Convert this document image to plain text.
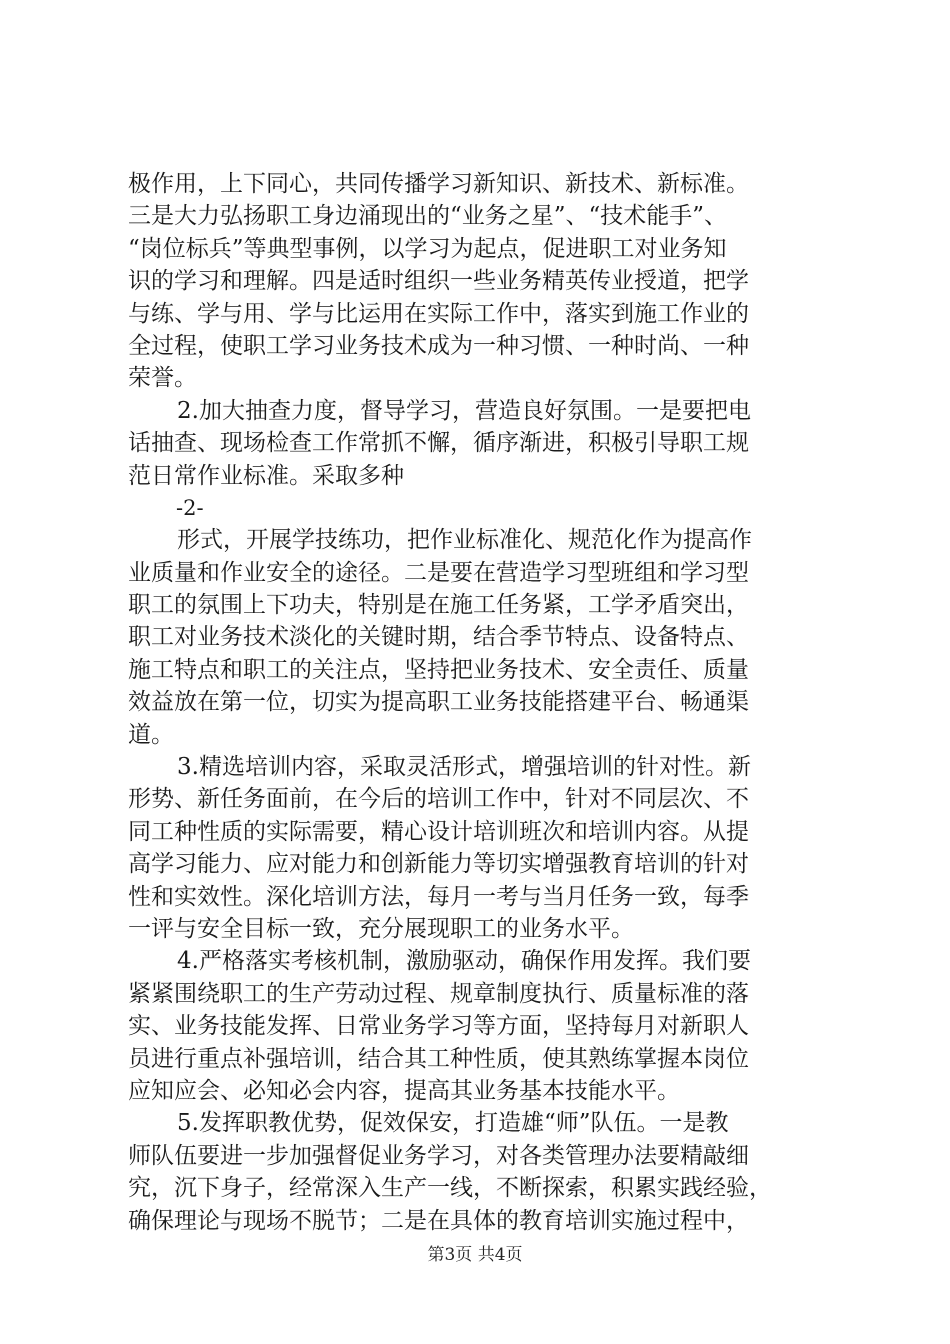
极作用，上下同心，共同传播学习新知识、新技术、新标准。
三是大力弘扬职工身边涌现出的“业务之星”、“技术能手”、
“岗位标兵”等典型事例，以学习为起点，促进职工对业务知
识的学习和理解。四是适时组织一些业务精英传业授道，把学
与练、学与用、学与比运用在实际工作中，落实到施工作业的
全过程，使职工学习业务技术成为一种习惯、一种时尚、一种
荣誉。
2.加大抽查力度，督导学习，营造良好氛围。一是要把电
话抽查、现场检查工作常抓不懈，循序渐进，积极引导职工规
范日常作业标准。采取多种
-2-
形式，开展学技练功，把作业标准化、规范化作为提高作
业质量和作业安全的途径。二是要在营造学习型班组和学习型
职工的氛围上下功夫，特别是在施工任务紧，工学矛盾突出，
职工对业务技术淡化的关键时期，结合季节特点、设备特点、
施工特点和职工的关注点，坚持把业务技术、安全责任、质量
效益放在第一位，切实为提高职工业务技能搭建平台、畅通渠
道。
3.精选培训内容，采取灵活形式，增强培训的针对性。新
形势、新任务面前，在今后的培训工作中，针对不同层次、不
同工种性质的实际需要，精心设计培训班次和培训内容。从提
高学习能力、应对能力和创新能力等切实增强教育培训的针对
性和实效性。深化培训方法，每月一考与当月任务一致，每季
一评与安全目标一致，充分展现职工的业务水平。
4.严格落实考核机制，激励驱动，确保作用发挥。我们要
紧紧围绕职工的生产劳动过程、规章制度执行、质量标准的落
实、业务技能发挥、日常业务学习等方面，坚持每月对新职人
员进行重点补强培训，结合其工种性质，使其熟练掌握本岗位
应知应会、必知必会内容，提高其业务基本技能水平。
5.发挥职教优势，促效保安，打造雄“师”队伍。一是教
师队伍要进一步加强督促业务学习，对各类管理办法要精敲细
究，沉下身子，经常深入生产一线，不断探索，积累实践经验，
确保理论与现场不脱节；二是在具体的教育培训实施过程中，
第3页 共4页
